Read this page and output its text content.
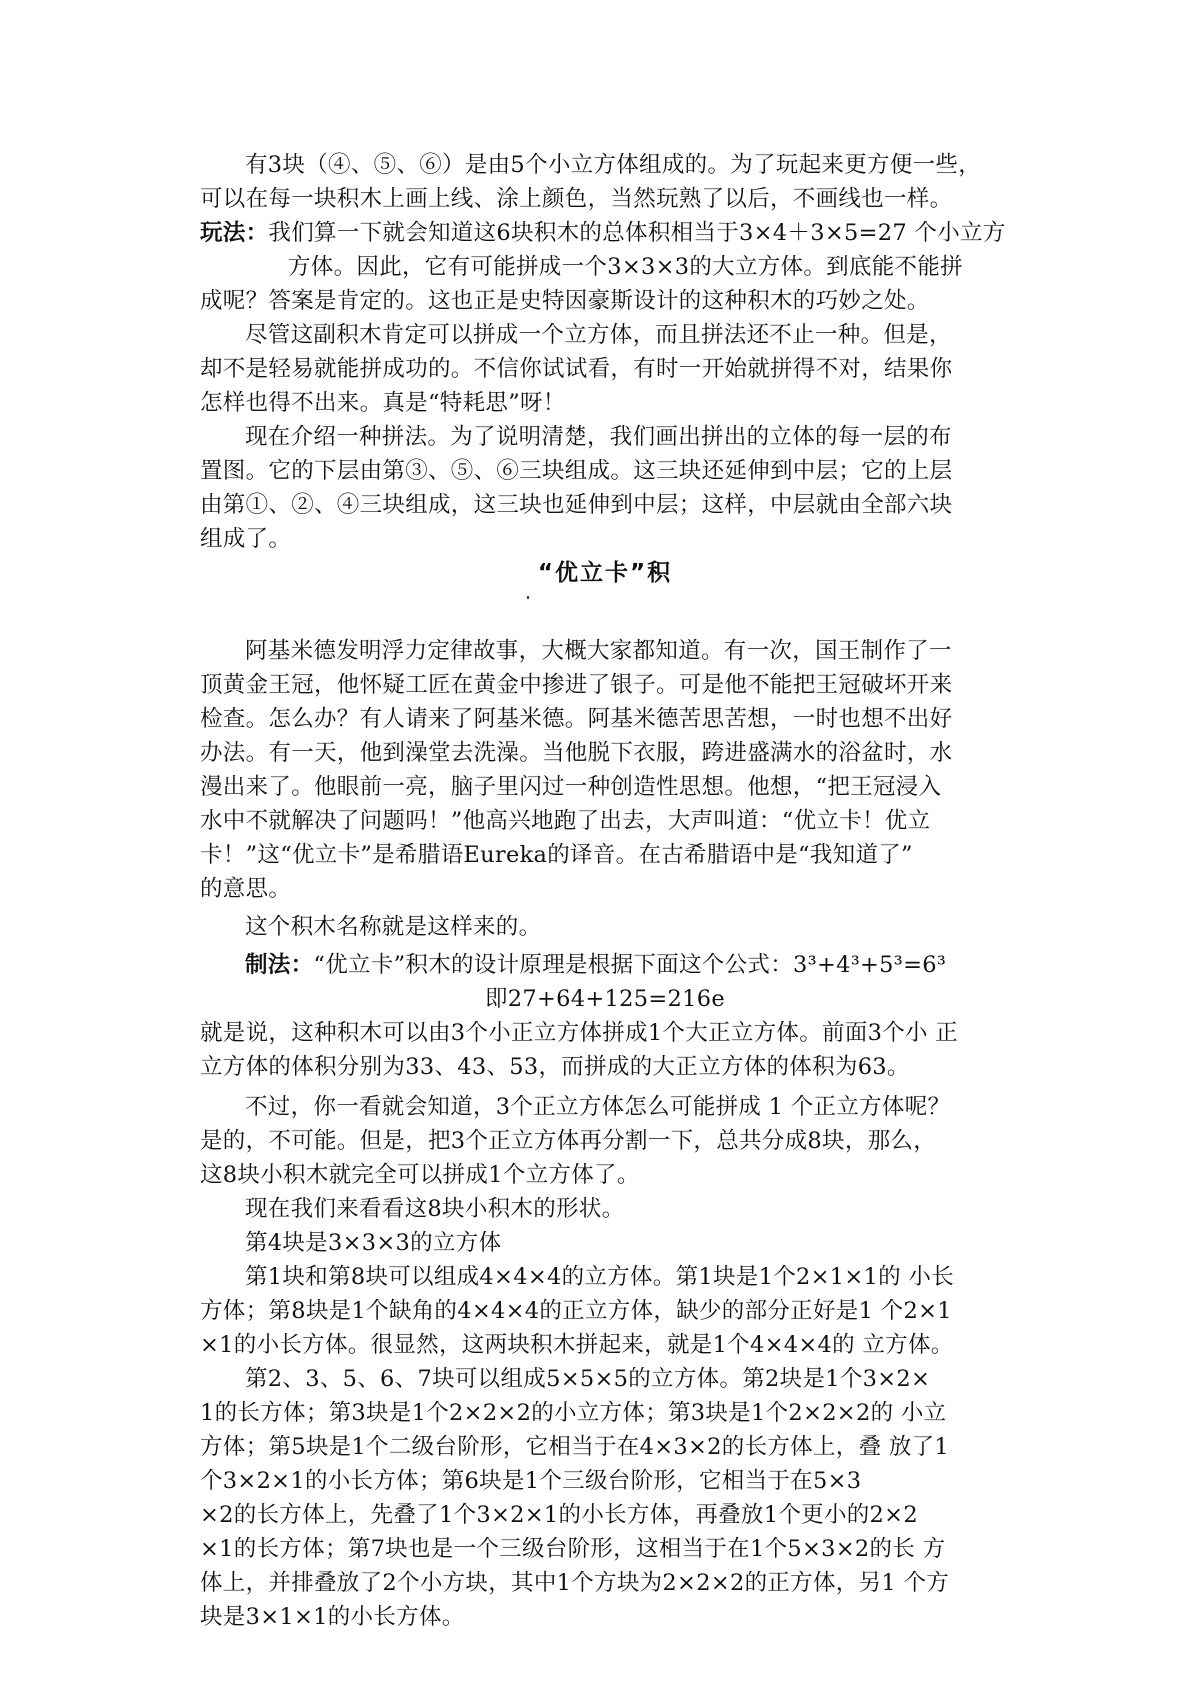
有3块（④、⑤、⑥）是由5个小立方体组成的。为了玩起来更方便一些，
可以在每一块积木上画上线、涂上颜色，当然玩熟了以后，不画线也一样。
玩法：我们算一下就会知道这6块积木的总体积相当于3×4＋3×5=27 个小立方
方体。因此，它有可能拼成一个3×3×3的大立方体。到底能不能拼
成呢？答案是肯定的。这也正是史特因豪斯设计的这种积木的巧妙之处。
尽管这副积木肯定可以拼成一个立方体，而且拼法还不止一种。但是，
却不是轻易就能拼成功的。不信你试试看，有时一开始就拼得不对，结果你
怎样也得不出来。真是“特耗思”呀！
现在介绍一种拼法。为了说明清楚，我们画出拼出的立体的每一层的布
置图。它的下层由第③、⑤、⑥三块组成。这三块还延伸到中层；它的上层
由第①、②、④三块组成，这三块也延伸到中层；这样，中层就由全部六块
组成了。
“优立卡”积
阿基米德发明浮力定律故事，大概大家都知道。有一次，国王制作了一
顶黄金王冠，他怀疑工匠在黄金中掺进了银子。可是他不能把王冠破坏开来
检查。怎么办？有人请来了阿基米德。阿基米德苦思苦想，一时也想不出好
办法。有一天，他到澡堂去洗澡。当他脱下衣服，跨进盛满水的浴盆时，水
漫出来了。他眼前一亮，脑子里闪过一种创造性思想。他想，“把王冠浸入
水中不就解决了问题吗！”他高兴地跑了出去，大声叫道：“优立卡！优立
卡！”这“优立卡”是希腊语Eureka的译音。在古希腊语中是“我知道了”
的意思。
这个积木名称就是这样来的。
制法：“优立卡”积木的设计原理是根据下面这个公式：3³+4³+5³=6³
即27+64+125=216e
就是说，这种积木可以由3个小正立方体拼成1个大正立方体。前面3个小 正
立方体的体积分别为33、43、53，而拼成的大正立方体的体积为63。
不过，你一看就会知道，3个正立方体怎么可能拼成 1 个正立方体呢？
是的，不可能。但是，把3个正立方体再分割一下，总共分成8块，那么，
这8块小积木就完全可以拼成1个立方体了。
现在我们来看看这8块小积木的形状。
第4块是3×3×3的立方体
第1块和第8块可以组成4×4×4的立方体。第1块是1个2×1×1的 小长
方体；第8块是1个缺角的4×4×4的正立方体，缺少的部分正好是1 个2×1
×1的小长方体。很显然，这两块积木拼起来，就是1个4×4×4的 立方体。
第2、3、5、6、7块可以组成5×5×5的立方体。第2块是1个3×2×
1的长方体；第3块是1个2×2×2的小立方体；第3块是1个2×2×2的 小立
方体；第5块是1个二级台阶形，它相当于在4×3×2的长方体上，叠 放了1
个3×2×1的小长方体；第6块是1个三级台阶形，它相当于在5×3
×2的长方体上，先叠了1个3×2×1的小长方体，再叠放1个更小的2×2
×1的长方体；第7块也是一个三级台阶形，这相当于在1个5×3×2的长 方
体上，并排叠放了2个小方块，其中1个方块为2×2×2的正方体，另1 个方
块是3×1×1的小长方体。
